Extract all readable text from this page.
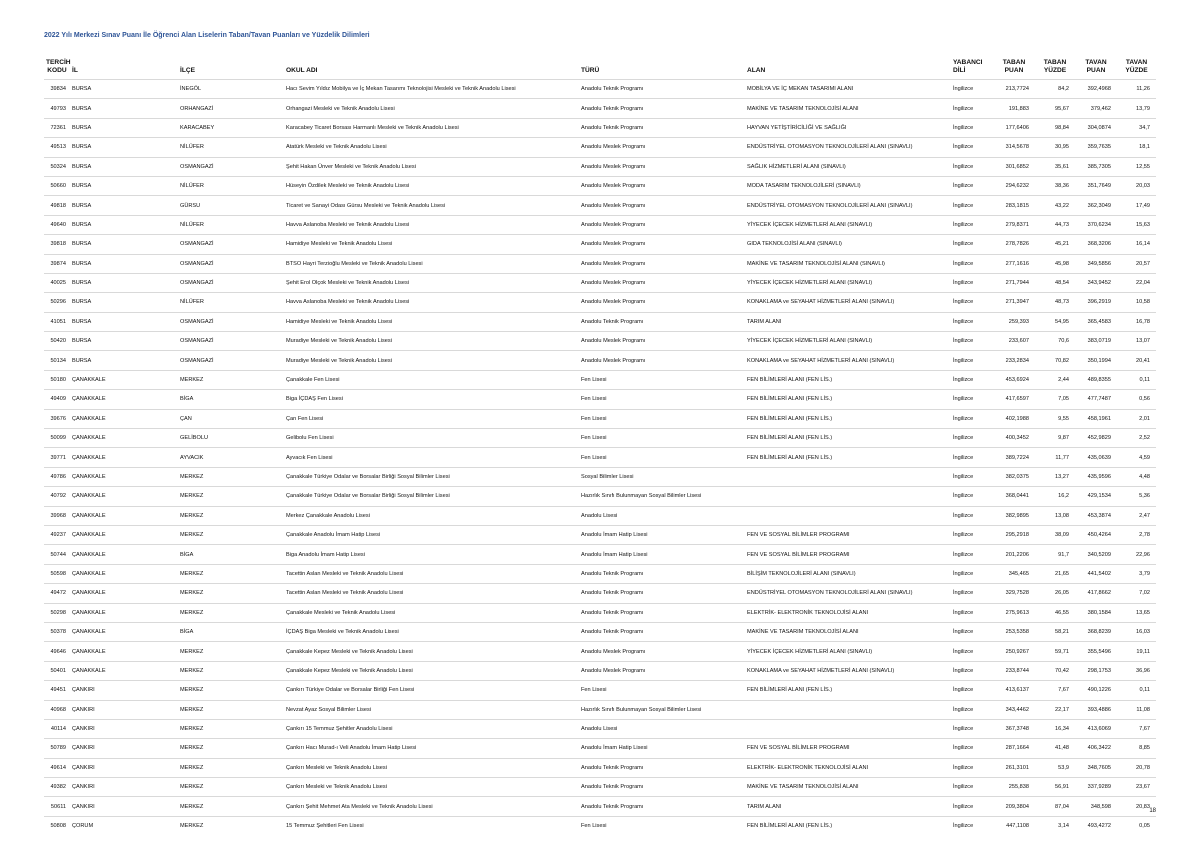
2022 Yılı Merkezi Sınav Puanı İle Öğrenci Alan Liselerin Taban/Tavan Puanları ve Yüzdelik Dilimleri
TERCİH KODU	İL	İLÇE	OKUL ADI	TÜRÜ	ALAN	YABANCI DİLİ	TABAN PUAN	TABAN YÜZDE	TAVAN PUAN	TAVAN YÜZDE
39834	BURSA	İNEGÖL	Hacı Sevim Yıldız Mobilya ve İç Mekan Tasarımı Teknolojisi Mesleki ve Teknik Anadolu Lisesi	Anadolu Teknik Programı	MOBİLYA VE İÇ MEKAN TASARIMI ALANI	İngilizce	213,7724	84,2	392,4968	11,26
49793	BURSA	ORHANGAZİ	Orhangazi Mesleki ve Teknik Anadolu Lisesi	Anadolu Teknik Programı	MAKİNE VE TASARIM TEKNOLOJİSİ ALANI	İngilizce	191,883	95,67	379,462	13,79
72361	BURSA	KARACABEY	Karacabey Ticaret Borsası Harmanlı Mesleki ve Teknik Anadolu Lisesi	Anadolu Teknik Programı	HAYVAN YETİŞTİRİCİLİĞİ VE SAĞLIĞI	İngilizce	177,6406	98,84	304,0874	34,7
49513	BURSA	NİLÜFER	Atatürk Mesleki ve Teknik Anadolu Lisesi	Anadolu Meslek Programı	ENDÜSTRİYEL OTOMASYON TEKNOLOJİLERİ ALANI (SINAVLI)	İngilizce	314,5678	30,95	359,7635	18,1
50324	BURSA	OSMANGAZİ	Şehit Hakan Ünver Mesleki ve Teknik Anadolu Lisesi	Anadolu Meslek Programı	SAĞLIK HİZMETLERİ ALANI (SINAVLI)	İngilizce	301,6852	35,61	385,7305	12,55
50660	BURSA	NİLÜFER	Hüseyin Özdilek Mesleki ve Teknik Anadolu Lisesi	Anadolu Meslek Programı	MODA TASARIM TEKNOLOJİLERİ (SINAVLI)	İngilizce	294,6232	38,36	351,7649	20,03
49818	BURSA	GÜRSU	Ticaret ve Sanayi Odası Gürsu Mesleki ve Teknik Anadolu Lisesi	Anadolu Meslek Programı	ENDÜSTRİYEL OTOMASYON TEKNOLOJİLERİ ALANI (SINAVLI)	İngilizce	283,1815	43,22	362,3049	17,49
49640	BURSA	NİLÜFER	Havva Aslanoba Mesleki ve Teknik Anadolu Lisesi	Anadolu Meslek Programı	YİYECEK İÇECEK HİZMETLERİ ALANI (SINAVLI)	İngilizce	279,8371	44,73	370,6234	15,63
39818	BURSA	OSMANGAZİ	Hamidiye Mesleki ve Teknik Anadolu Lisesi	Anadolu Meslek Programı	GIDA TEKNOLOJİSİ ALANI (SINAVLI)	İngilizce	278,7826	45,21	368,3206	16,14
39874	BURSA	OSMANGAZİ	BTSO Hayri Terzioğlu Mesleki ve Teknik Anadolu Lisesi	Anadolu Meslek Programı	MAKİNE VE TASARIM TEKNOLOJİSİ ALANI (SINAVLI)	İngilizce	277,1616	45,98	349,5856	20,57
40025	BURSA	OSMANGAZİ	Şehit Erol Olçok Mesleki ve Teknik Anadolu Lisesi	Anadolu Meslek Programı	YİYECEK İÇECEK HİZMETLERİ ALANI (SINAVLI)	İngilizce	271,7944	48,54	343,9452	22,04
50296	BURSA	NİLÜFER	Havva Aslanoba Mesleki ve Teknik Anadolu Lisesi	Anadolu Meslek Programı	KONAKLAMA ve SEYAHAT HİZMETLERİ ALANI (SINAVLI)	İngilizce	271,3947	48,73	396,2919	10,58
41051	BURSA	OSMANGAZİ	Hamidiye Mesleki ve Teknik Anadolu Lisesi	Anadolu Teknik Programı	TARIM ALANI	İngilizce	259,393	54,95	365,4583	16,78
50420	BURSA	OSMANGAZİ	Muradiye Mesleki ve Teknik Anadolu Lisesi	Anadolu Meslek Programı	YİYECEK İÇECEK HİZMETLERİ ALANI (SINAVLI)	İngilizce	233,607	70,6	383,0719	13,07
50134	BURSA	OSMANGAZİ	Muradiye Mesleki ve Teknik Anadolu Lisesi	Anadolu Meslek Programı	KONAKLAMA ve SEYAHAT HİZMETLERİ ALANI (SINAVLI)	İngilizce	233,2834	70,82	350,1994	20,41
50180	ÇANAKKALE	MERKEZ	Çanakkale Fen Lisesi	Fen Lisesi	FEN BİLİMLERİ ALANI (FEN LİS.)	İngilizce	453,6924	2,44	489,8355	0,11
49409	ÇANAKKALE	BİGA	Biga İÇDAŞ Fen Lisesi	Fen Lisesi	FEN BİLİMLERİ ALANI (FEN LİS.)	İngilizce	417,6597	7,05	477,7487	0,56
39676	ÇANAKKALE	ÇAN	Çan Fen Lisesi	Fen Lisesi	FEN BİLİMLERİ ALANI (FEN LİS.)	İngilizce	402,1988	9,55	458,1961	2,01
50099	ÇANAKKALE	GELİBOLU	Gelibolu Fen Lisesi	Fen Lisesi	FEN BİLİMLERİ ALANI (FEN LİS.)	İngilizce	400,3452	9,87	452,9829	2,52
39771	ÇANAKKALE	AYVACIK	Ayvacık Fen Lisesi	Fen Lisesi	FEN BİLİMLERİ ALANI (FEN LİS.)	İngilizce	389,7224	11,77	435,0639	4,59
49786	ÇANAKKALE	MERKEZ	Çanakkale Türkiye Odalar ve Borsalar Birliği Sosyal Bilimler Lisesi	Sosyal Bilimler Lisesi		İngilizce	382,0375	13,27	435,9596	4,48
40792	ÇANAKKALE	MERKEZ	Çanakkale Türkiye Odalar ve Borsalar Birliği Sosyal Bilimler Lisesi	Hazırlık Sınıfı Bulunmayan Sosyal Bilimler Lisesi		İngilizce	368,0441	16,2	429,1534	5,36
39968	ÇANAKKALE	MERKEZ	Merkez Çanakkale Anadolu Lisesi	Anadolu Lisesi		İngilizce	382,9895	13,08	453,3874	2,47
49237	ÇANAKKALE	MERKEZ	Çanakkale Anadolu İmam Hatip Lisesi	Anadolu İmam Hatip Lisesi	FEN VE SOSYAL BİLİMLER PROGRAMI	İngilizce	295,2918	38,09	450,4264	2,78
50744	ÇANAKKALE	BİGA	Biga Anadolu İmam Hatip Lisesi	Anadolu İmam Hatip Lisesi	FEN VE SOSYAL BİLİMLER PROGRAMI	İngilizce	201,2206	91,7	340,5209	22,96
50598	ÇANAKKALE	MERKEZ	Tacettin Aslan Mesleki ve Teknik Anadolu Lisesi	Anadolu Teknik Programı	BİLİŞİM TEKNOLOJİLERİ ALANI (SINAVLI)	İngilizce	345,465	21,65	441,5402	3,79
49472	ÇANAKKALE	MERKEZ	Tacettin Aslan Mesleki ve Teknik Anadolu Lisesi	Anadolu Teknik Programı	ENDÜSTRİYEL OTOMASYON TEKNOLOJİLERİ ALANI (SINAVLI)	İngilizce	329,7528	26,05	417,8662	7,02
50298	ÇANAKKALE	MERKEZ	Çanakkale Mesleki ve Teknik Anadolu Lisesi	Anadolu Teknik Programı	ELEKTRİK- ELEKTRONİK TEKNOLOJİSİ ALANI	İngilizce	275,9613	46,55	380,1584	13,65
50378	ÇANAKKALE	BİGA	İÇDAŞ Biga Mesleki ve Teknik Anadolu Lisesi	Anadolu Teknik Programı	MAKİNE VE TASARIM TEKNOLOJİSİ ALANI	İngilizce	253,5358	58,21	368,8239	16,03
49646	ÇANAKKALE	MERKEZ	Çanakkale Kepez Mesleki ve Teknik Anadolu Lisesi	Anadolu Meslek Programı	YİYECEK İÇECEK HİZMETLERİ ALANI (SINAVLI)	İngilizce	250,9267	59,71	355,5496	19,11
50401	ÇANAKKALE	MERKEZ	Çanakkale Kepez Mesleki ve Teknik Anadolu Lisesi	Anadolu Meslek Programı	KONAKLAMA ve SEYAHAT HİZMETLERİ ALANI (SINAVLI)	İngilizce	233,8744	70,42	298,1753	36,96
49451	ÇANKIRI	MERKEZ	Çankırı Türkiye Odalar ve Borsalar Birliği Fen Lisesi	Fen Lisesi	FEN BİLİMLERİ ALANI (FEN LİS.)	İngilizce	413,6137	7,67	490,1226	0,11
40968	ÇANKIRI	MERKEZ	Nevzat Ayaz Sosyal Bilimler Lisesi	Hazırlık Sınıfı Bulunmayan Sosyal Bilimler Lisesi		İngilizce	343,4462	22,17	393,4886	11,08
40114	ÇANKIRI	MERKEZ	Çankırı 15 Temmuz Şehitler Anadolu Lisesi	Anadolu Lisesi		İngilizce	367,3748	16,34	413,6069	7,67
50789	ÇANKIRI	MERKEZ	Çankırı Hacı Murad-ı Veli Anadolu İmam Hatip Lisesi	Anadolu İmam Hatip Lisesi	FEN VE SOSYAL BİLİMLER PROGRAMI	İngilizce	287,1664	41,48	406,3422	8,85
49614	ÇANKIRI	MERKEZ	Çankırı Mesleki ve Teknik Anadolu Lisesi	Anadolu Teknik Programı	ELEKTRİK- ELEKTRONİK TEKNOLOJİSİ ALANI	İngilizce	261,3101	53,9	348,7605	20,78
49382	ÇANKIRI	MERKEZ	Çankırı Mesleki ve Teknik Anadolu Lisesi	Anadolu Teknik Programı	MAKİNE VE TASARIM TEKNOLOJİSİ ALANI	İngilizce	255,838	56,91	337,9289	23,67
50611	ÇANKIRI	MERKEZ	Çankırı Şehit Mehmet Ata Mesleki ve Teknik Anadolu Lisesi	Anadolu Teknik Programı	TARIM ALANI	İngilizce	209,3804	87,04	348,598	20,83
50808	ÇORUM	MERKEZ	15 Temmuz Şehitleri Fen Lisesi	Fen Lisesi	FEN BİLİMLERİ ALANI (FEN LİS.)	İngilizce	447,1108	3,14	493,4272	0,05
18
